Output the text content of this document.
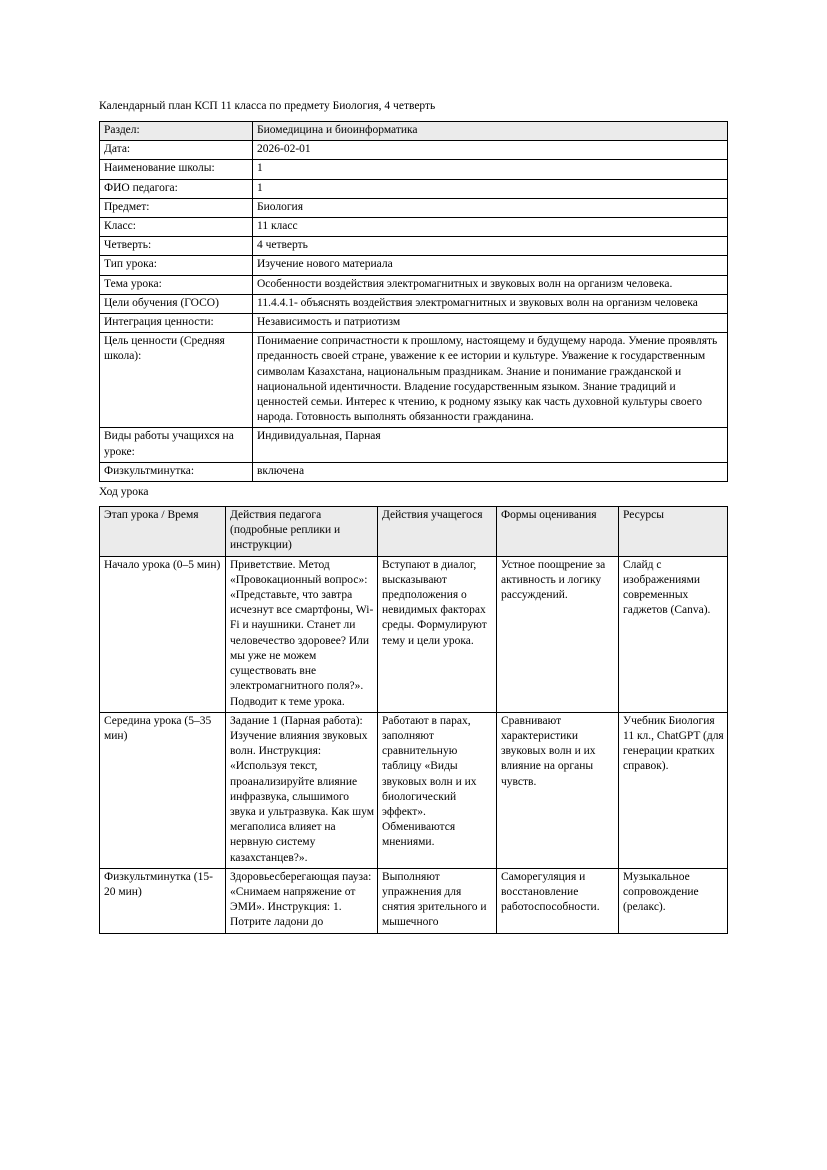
Календарный план КСП 11 класса по предмету Биология, 4 четверть

Раздел:	Биомедицина и биоинформатика
Дата:	2026-02-01
Наименование школы:	1
ФИО педагога:	1
Предмет:	Биология
Класс:	11 класс
Четверть:	4 четверть
Тип урока:	Изучение нового материала
Тема урока:	Особенности воздействия электромагнитных и звуковых волн на организм человека.
Цели обучения (ГОСО)	11.4.4.1- объяснять воздействия электромагнитных и звуковых волн на организм человека
Интеграция ценности:	Независимость и патриотизм
Цель ценности (Средняя школа):	Понимаение сопричастности к прошлому, настоящему и будущему народа. Умение проявлять преданность своей стране, уважение к ее истории и культуре. Уважение к государственным символам Казахстана, национальным праздникам. Знание и понимание гражданской и национальной идентичности. Владение государственным языком. Знание традиций и ценностей семьи. Интерес к чтению, к родному языку как часть духовной культуры своего народа. Готовность выполнять обязанности гражданина.
Виды работы учащихся на уроке:	Индивидуальная, Парная
Физкультминутка:	включена

Ход урока

Этап урока / Время	Действия педагога (подробные реплики и инструкции)	Действия учащегося	Формы оценивания	Ресурсы
Начало урока (0–5 мин)	Приветствие. Метод «Провокационный вопрос»: «Представьте, что завтра исчезнут все смартфоны, Wi-Fi и наушники. Станет ли человечество здоровее? Или мы уже не можем существовать вне электромагнитного поля?». Подводит к теме урока.	Вступают в диалог, высказывают предположения о невидимых факторах среды. Формулируют тему и цели урока.	Устное поощрение за активность и логику рассуждений.	Слайд с изображениями современных гаджетов (Canva).
Середина урока (5–35 мин)	Задание 1 (Парная работа): Изучение влияния звуковых волн. Инструкция: «Используя текст, проанализируйте влияние инфразвука, слышимого звука и ультразвука. Как шум мегаполиса влияет на нервную систему казахстанцев?».	Работают в парах, заполняют сравнительную таблицу «Виды звуковых волн и их биологический эффект». Обмениваются мнениями.	Сравнивают характеристики звуковых волн и их влияние на органы чувств.	Учебник Биология 11 кл., ChatGPT (для генерации кратких справок).
Физкультминутка (15-20 мин)	Здоровьесберегающая пауза: «Снимаем напряжение от ЭМИ». Инструкция: 1. Потрите ладони до	Выполняют упражнения для снятия зрительного и мышечного	Саморегуляция и восстановление работоспособности.	Музыкальное сопровождение (релакс).
